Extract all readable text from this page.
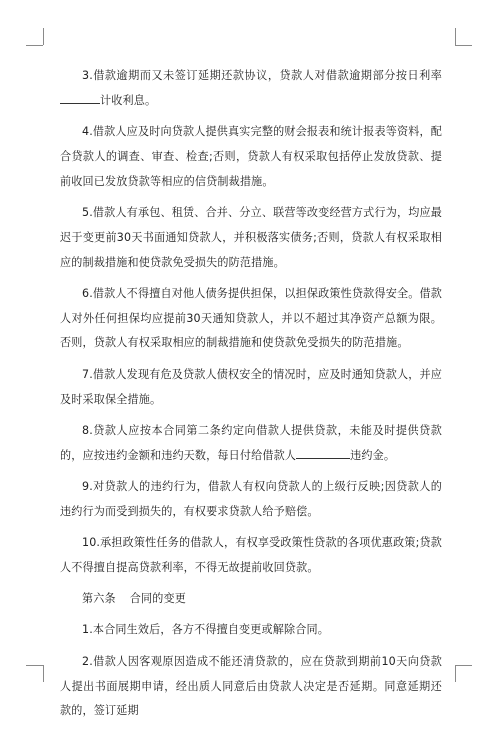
3.借款逾期而又未签订延期还款协议，贷款人对借款逾期部分按日利率计收利息。

4.借款人应及时向贷款人提供真实完整的财会报表和统计报表等资料，配合贷款人的调查、审查、检查;否则，贷款人有权采取包括停止发放贷款、提前收回已发放贷款等相应的信贷制裁措施。

5.借款人有承包、租赁、合并、分立、联营等改变经营方式行为，均应最迟于变更前30天书面通知贷款人，并积极落实债务;否则，贷款人有权采取相应的制裁措施和使贷款免受损失的防范措施。

6.借款人不得擅自对他人债务提供担保，以担保政策性贷款得安全。借款人对外任何担保均应提前30天通知贷款人，并以不超过其净资产总额为限。否则，贷款人有权采取相应的制裁措施和使贷款免受损失的防范措施。

7.借款人发现有危及贷款人债权安全的情况时，应及时通知贷款人，并应及时采取保全措施。

8.贷款人应按本合同第二条约定向借款人提供贷款，未能及时提供贷款的，应按违约金额和违约天数，每日付给借款人	违约金。

9.对贷款人的违约行为，借款人有权向贷款人的上级行反映;因贷款人的违约行为而受到损失的，有权要求贷款人给予赔偿。

10.承担政策性任务的借款人，有权享受政策性贷款的各项优惠政策;贷款人不得擅自提高贷款利率，不得无故提前收回贷款。

第六条 合同的变更

1.本合同生效后，各方不得擅自变更或解除合同。

2.借款人因客观原因造成不能还清贷款的，应在贷款到期前10天向贷款人提出书面展期申请，经出质人同意后由贷款人决定是否延期。同意延期还款的，签订延期
